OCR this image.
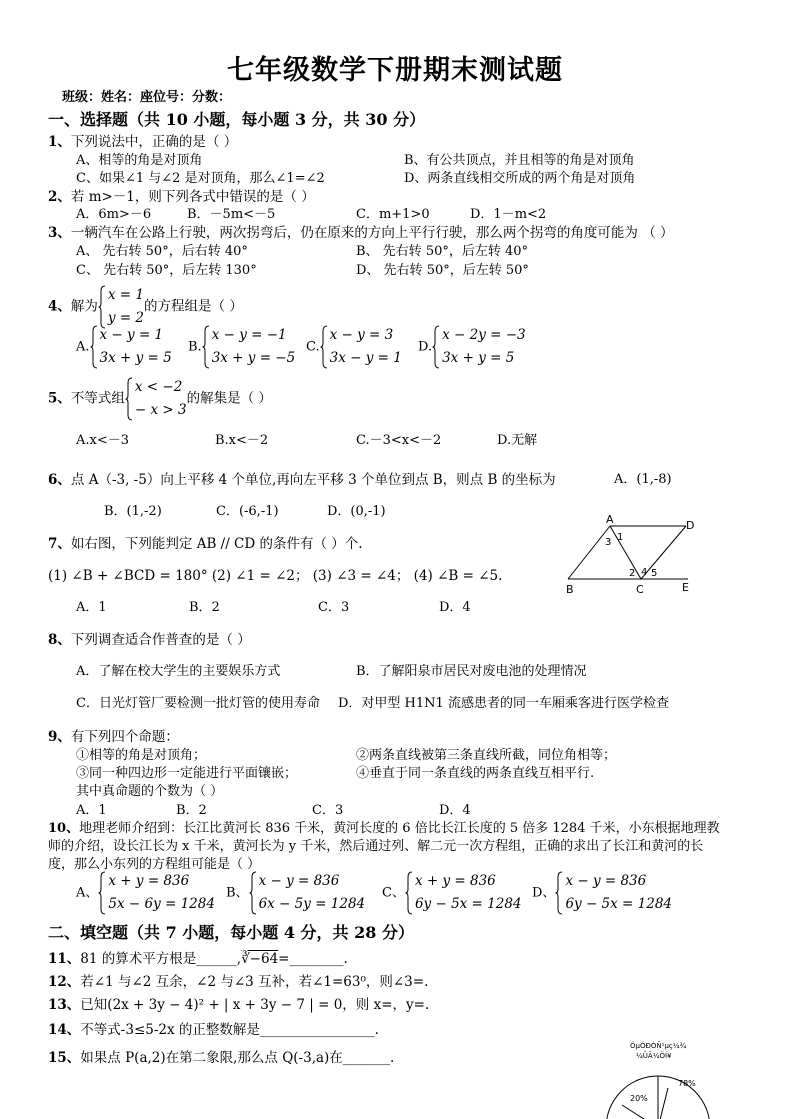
七年级数学下册期末测试题
班级：姓名：座位号：分数：
一、选择题（共 10 小题，每小题 3 分，共 30 分）
1、下列说法中，正确的是（ ）
A、相等的角是对顶角	B、有公共顶点，并且相等的角是对顶角
C、如果∠1 与∠2 是对顶角，那么∠1=∠2	D、两条直线相交所成的两个角是对顶角
2、若 m>－1，则下列各式中错误的是（ ）
A．6m>－6	B．－5m<－5	C．m+1>0	D．1－m<2
3、一辆汽车在公路上行驶，两次拐弯后，仍在原来的方向上平行行驶，那么两个拐弯的角度可能为 （ ）
A、 先右转 50°，后右转 40°	B、 先右转 50°，后左转 40°
C、 先右转 50°，后左转 130°	D、 先右转 50°，后左转 50°
4、解为
x = 1
y = 2
的方程组是（ ）
A.
x − y = 1
3x + y = 5
B.
x − y = −1
3x + y = −5
C.
x − y = 3
3x − y = 1
D.
x − 2y = −3
3x + y = 5
5、不等式组
x < −2
− x > 3
的解集是（ ）
A.x<－3	B.x<－2	C.－3<x<－2	D.无解
6、点 A（-3, -5）向上平移 4 个单位,再向左平移 3 个单位到点 B，则点 B 的坐标为	A．(1,-8)
B．(1,-2)	C．(-6,-1)	D．(0,-1)
7、如右图，下列能判定 AB // CD 的条件有（ ）个.
(1) ∠B + ∠BCD = 180° (2) ∠1 = ∠2； (3) ∠3 = ∠4； (4) ∠B = ∠5.
A．1	B．2	C．3	D．4
A	D
B	C	E
1
3
2 4 5
8、下列调查适合作普查的是（ ）
A．了解在校大学生的主要娱乐方式	B．了解阳泉市居民对废电池的处理情况
C．日光灯管厂要检测一批灯管的使用寿命 D．对甲型 H1N1 流感患者的同一车厢乘客进行医学检查
9、有下列四个命题：
①相等的角是对顶角；	②两条直线被第三条直线所截，同位角相等；
③同一种四边形一定能进行平面镶嵌；	④垂直于同一条直线的两条直线互相平行.
其中真命题的个数为（ ）
A．1	B．2	C．3	D．4
10、地理老师介绍到：长江比黄河长 836 千米，黄河长度的 6 倍比长江长度的 5 倍多 1284 千米，小东根据地理教
师的介绍，设长江长为 x 千米，黄河长为 y 千米，然后通过列、解二元一次方程组，正确的求出了长江和黄河的长
度，那么小东列的方程组可能是（ ）
A、
x + y = 836
5x − 6y = 1284
B、
x − y = 836
6x − 5y = 1284
C、
x + y = 836
6y − 5x = 1284
D、
x − y = 836
6y − 5x = 1284
二、填空题（共 7 小题，每小题 4 分，共 28 分）
11、81 的算术平方根是______,∛−64=________.
12、若∠1 与∠2 互余，∠2 与∠3 互补，若∠1=63⁰，则∠3=.
13、已知(2x + 3y − 4)² + | x + 3y − 7 | = 0，则 x=，y=.
14、不等式-3≤5-2x 的正整数解是_________________.
15、如果点 P(a,2)在第二象限,那么点 Q(-3,a)在_______.
ÖµÓÐÒÑ¹µç¼¾
¼ÛÃ¼ÖÍ¥
78%
20%
